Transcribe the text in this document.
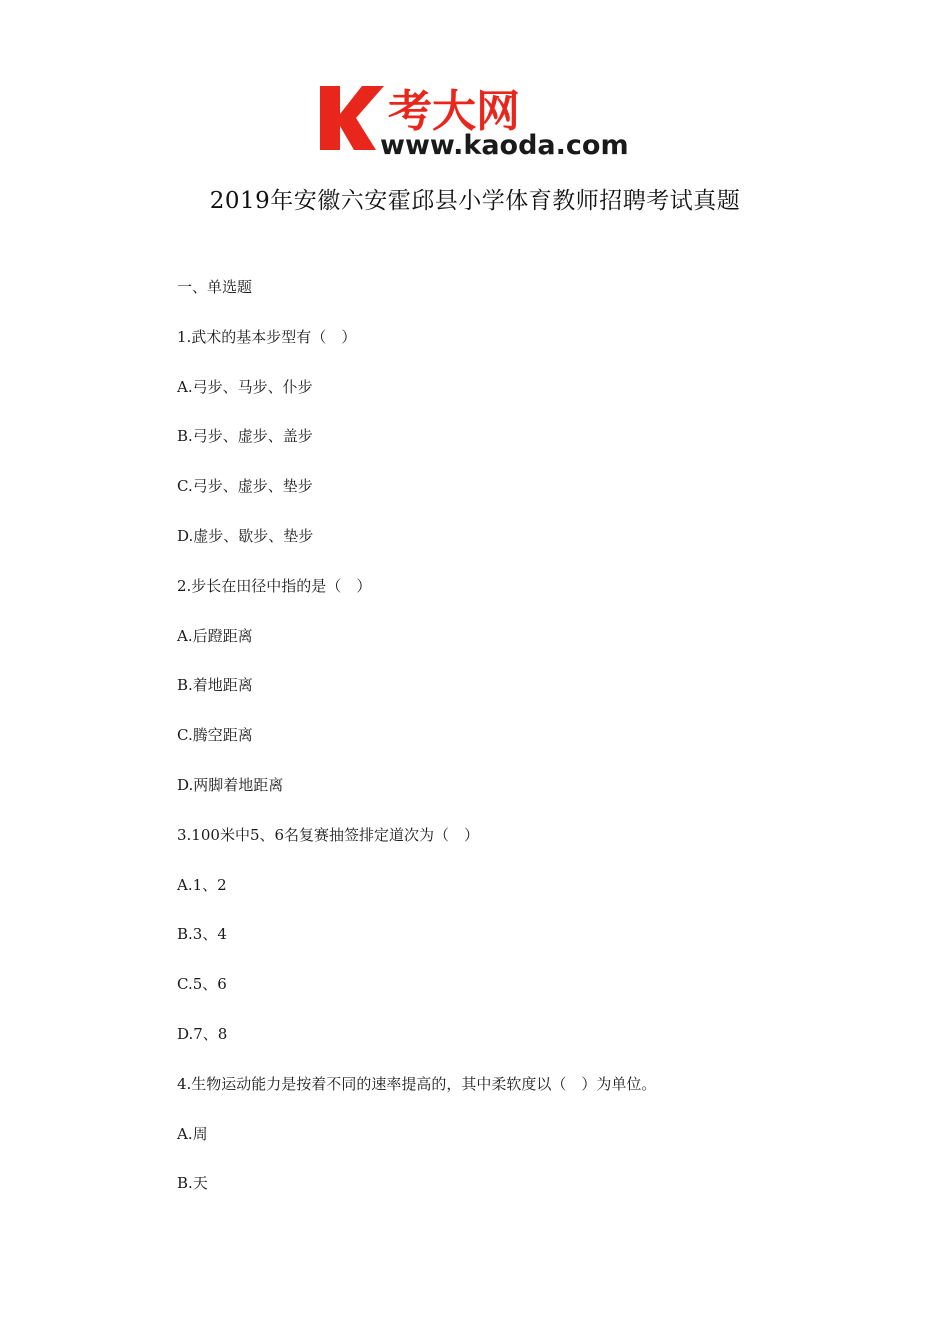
考大网
www.kaoda.com
2019年安徽六安霍邱县小学体育教师招聘考试真题
一、单选题
1.武术的基本步型有（　）
A.弓步、马步、仆步
B.弓步、虚步、盖步
C.弓步、虚步、垫步
D.虚步、歇步、垫步
2.步长在田径中指的是（　）
A.后蹬距离
B.着地距离
C.腾空距离
D.两脚着地距离
3.100米中5、6名复赛抽签排定道次为（　）
A.1、2
B.3、4
C.5、6
D.7、8
4.生物运动能力是按着不同的速率提高的，其中柔软度以（　）为单位。
A.周
B.天
